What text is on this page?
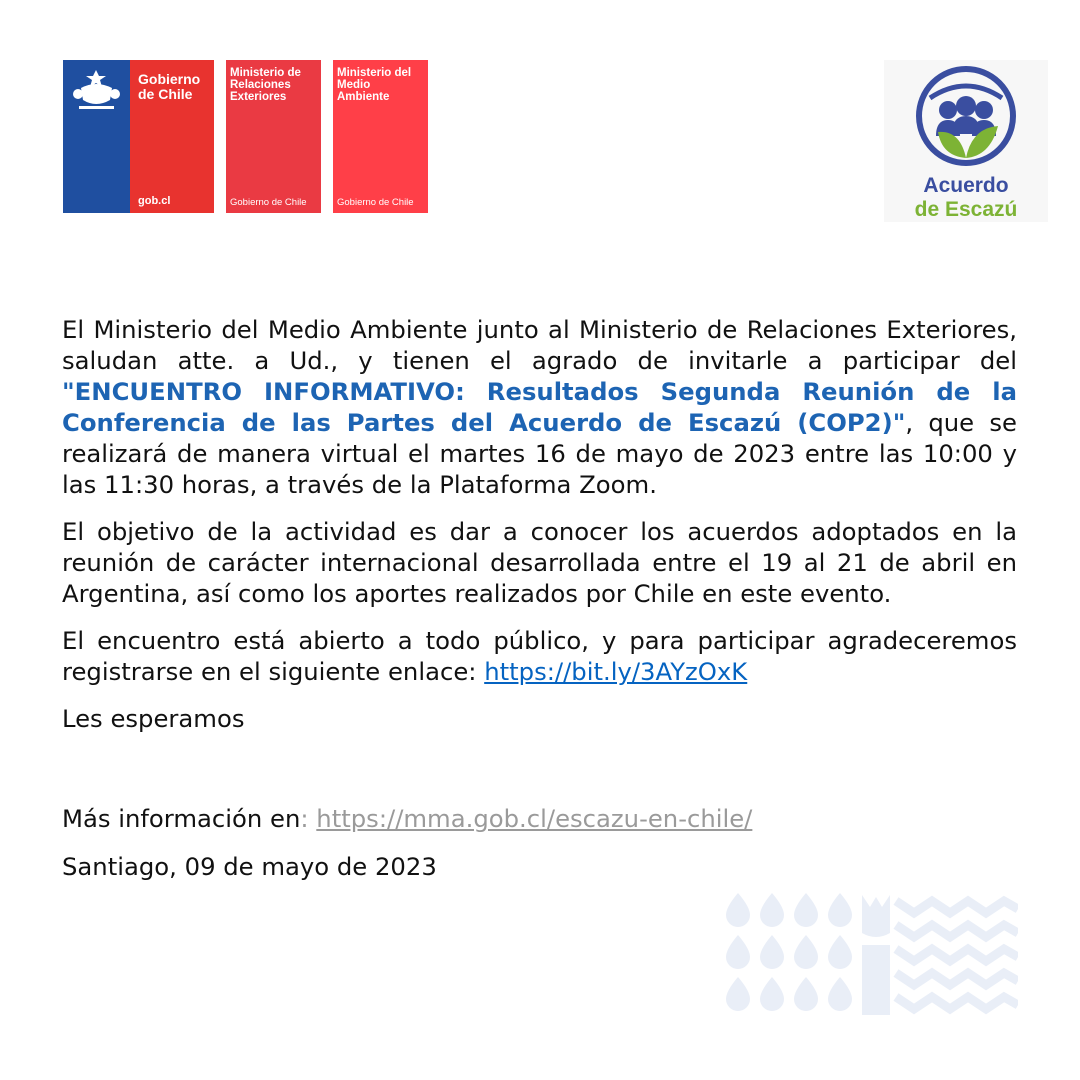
Gobierno de Chile
gob.cl
Ministerio de Relaciones Exteriores
Gobierno de Chile
Ministerio del Medio Ambiente
Gobierno de Chile
Acuerdo
de Escazú

El Ministerio del Medio Ambiente junto al Ministerio de Relaciones Exteriores, saludan atte. a Ud., y tienen el agrado de invitarle a participar del "ENCUENTRO INFORMATIVO: Resultados Segunda Reunión de la Conferencia de las Partes del Acuerdo de Escazú (COP2)", que se realizará de manera virtual el martes 16 de mayo de 2023 entre las 10:00 y las 11:30 horas, a través de la Plataforma Zoom.

El objetivo de la actividad es dar a conocer los acuerdos adoptados en la reunión de carácter internacional desarrollada entre el 19 al 21 de abril en Argentina, así como los aportes realizados por Chile en este evento.

El encuentro está abierto a todo público, y para participar agradeceremos registrarse en el siguiente enlace: https://bit.ly/3AYzOxK

Les esperamos

Más información en: https://mma.gob.cl/escazu-en-chile/
Santiago, 09 de mayo de 2023
